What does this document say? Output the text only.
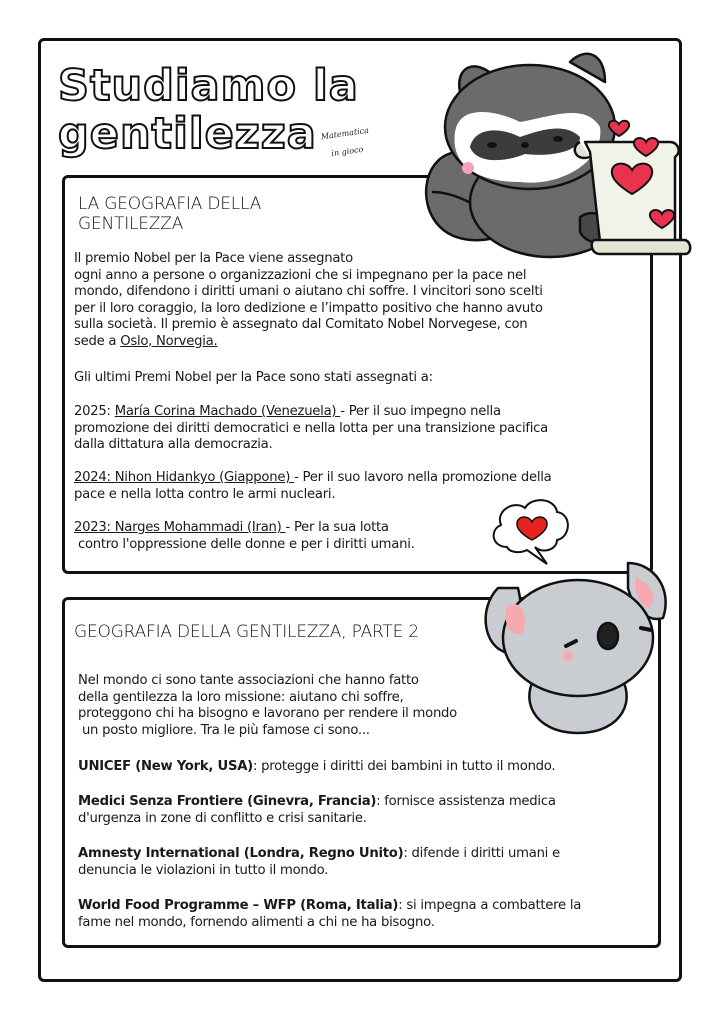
Studiamo la
gentilezza Matematica
in gioco
LA GEOGRAFIA DELLA
GENTILEZZA
Il premio Nobel per la Pace viene assegnato
ogni anno a persone o organizzazioni che si impegnano per la pace nel
mondo, difendono i diritti umani o aiutano chi soffre. I vincitori sono scelti
per il loro coraggio, la loro dedizione e l’impatto positivo che hanno avuto
sulla società. Il premio è assegnato dal Comitato Nobel Norvegese, con
sede a Oslo, Norvegia.
Gli ultimi Premi Nobel per la Pace sono stati assegnati a:
2025: María Corina Machado (Venezuela) - Per il suo impegno nella
promozione dei diritti democratici e nella lotta per una transizione pacifica
dalla dittatura alla democrazia.
2024: Nihon Hidankyo (Giappone) - Per il suo lavoro nella promozione della
pace e nella lotta contro le armi nucleari.
2023: Narges Mohammadi (Iran) - Per la sua lotta
contro l'oppressione delle donne e per i diritti umani.
GEOGRAFIA DELLA GENTILEZZA, PARTE 2
Nel mondo ci sono tante associazioni che hanno fatto
della gentilezza la loro missione: aiutano chi soffre,
proteggono chi ha bisogno e lavorano per rendere il mondo
un posto migliore. Tra le più famose ci sono...
UNICEF (New York, USA): protegge i diritti dei bambini in tutto il mondo.
Medici Senza Frontiere (Ginevra, Francia): fornisce assistenza medica
d'urgenza in zone di conflitto e crisi sanitarie.
Amnesty International (Londra, Regno Unito): difende i diritti umani e
denuncia le violazioni in tutto il mondo.
World Food Programme – WFP (Roma, Italia): si impegna a combattere la
fame nel mondo, fornendo alimenti a chi ne ha bisogno.
